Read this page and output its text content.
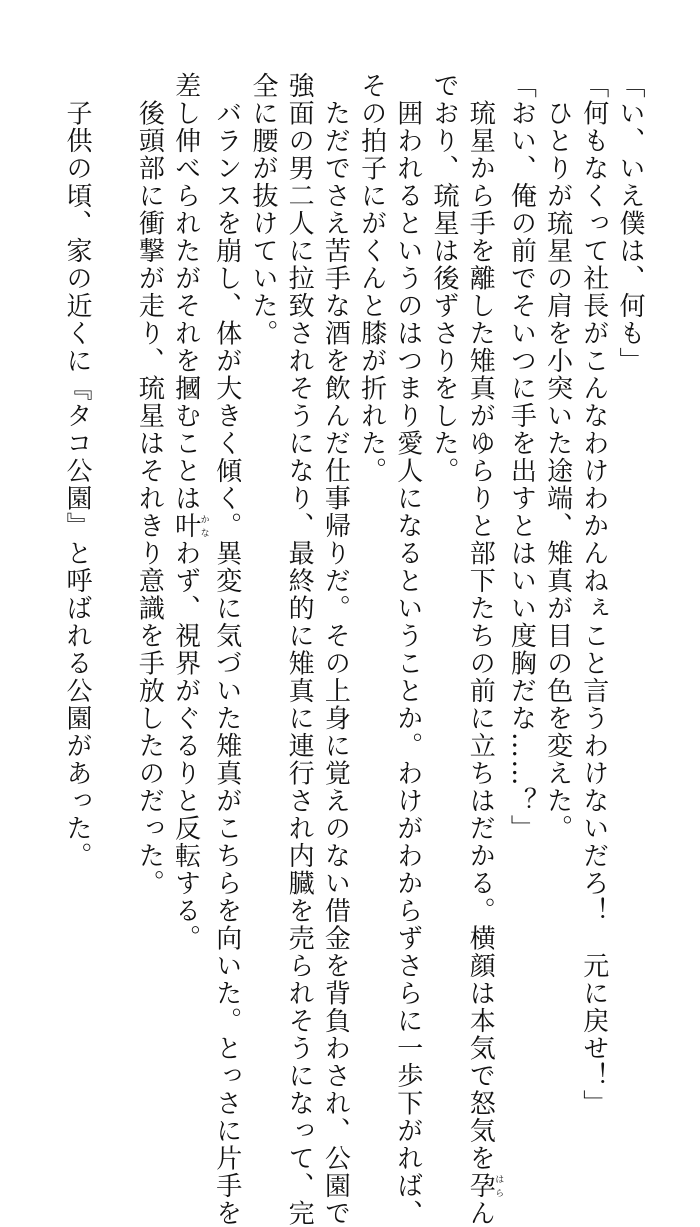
「い、いえ僕は、何も」

「何もなくって社長がこんなわけわかんねぇこと言うわけないだろ！　元に戻せ！」

　ひとりが琉星の肩を小突いた途端、雉真が目の色を変えた。

「おい、俺の前でそいつに手を出すとはいい度胸だな……？」

　琉星から手を離した雉真がゆらりと部下たちの前に立ちはだかる。横顔は本気で怒気を孕はらん

でおり、琉星は後ずさりをした。

　囲われるというのはつまり愛人になるということか。わけがわからずさらに一歩下がれば、

その拍子にがくんと膝が折れた。

　ただでさえ苦手な酒を飲んだ仕事帰りだ。その上身に覚えのない借金を背負わされ、公園で

強面の男二人に拉致されそうになり、最終的に雉真に連行され内臓を売られそうになって、完

全に腰が抜けていた。

　バランスを崩し、体が大きく傾く。異変に気づいた雉真がこちらを向いた。とっさに片手を

差し伸べられたがそれを摑むことは叶かなわず、視界がぐるりと反転する。

　後頭部に衝撃が走り、琉星はそれきり意識を手放したのだった。

　子供の頃、家の近くに『タコ公園』と呼ばれる公園があった。
